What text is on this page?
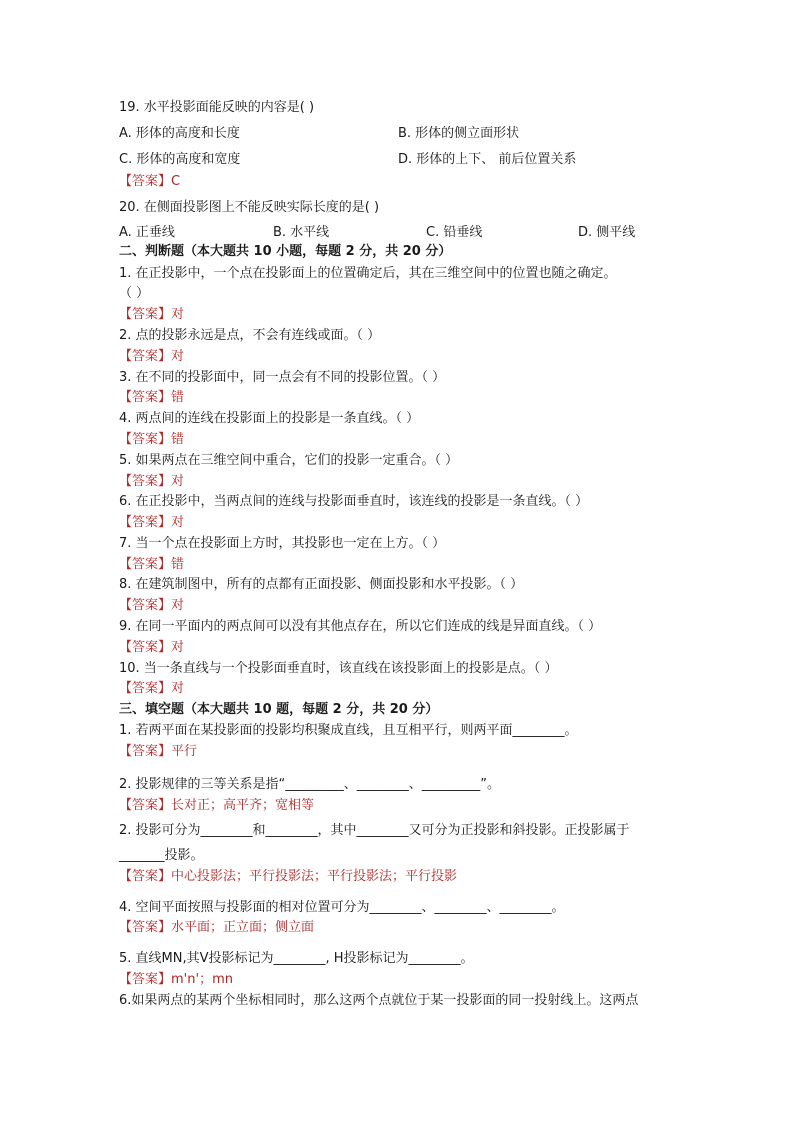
19. 水平投影面能反映的内容是( )
A. 形体的高度和长度	B. 形体的侧立面形状
C. 形体的高度和宽度	D. 形体的上下、 前后位置关系
【答案】C
20. 在侧面投影图上不能反映实际长度的是( )
A. 正垂线	B. 水平线	C. 铅垂线	D. 侧平线
二、判断题（本大题共 10 小题，每题 2 分，共 20 分）
1. 在正投影中，一个点在投影面上的位置确定后，其在三维空间中的位置也随之确定。
（ ）
【答案】对
2. 点的投影永远是点，不会有连线或面。（ ）
【答案】对
3. 在不同的投影面中，同一点会有不同的投影位置。（ ）
【答案】错
4. 两点间的连线在投影面上的投影是一条直线。（ ）
【答案】错
5. 如果两点在三维空间中重合，它们的投影一定重合。（ ）
【答案】对
6. 在正投影中，当两点间的连线与投影面垂直时，该连线的投影是一条直线。（ ）
【答案】对
7. 当一个点在投影面上方时，其投影也一定在上方。（ ）
【答案】错
8. 在建筑制图中，所有的点都有正面投影、侧面投影和水平投影。（ ）
【答案】对
9. 在同一平面内的两点间可以没有其他点存在，所以它们连成的线是异面直线。（ ）
【答案】对
10. 当一条直线与一个投影面垂直时，该直线在该投影面上的投影是点。（ ）
【答案】对
三、填空题（本大题共 10 题，每题 2 分，共 20 分）
1. 若两平面在某投影面的投影均积聚成直线，且互相平行，则两平面________。
【答案】平行
2. 投影规律的三等关系是指“_________、________、_________”。
【答案】长对正；高平齐；宽相等
2. 投影可分为________和________，其中________又可分为正投影和斜投影。正投影属于
_______投影。
【答案】中心投影法；平行投影法；平行投影法；平行投影
4. 空间平面按照与投影面的相对位置可分为________、________、________。
【答案】水平面；正立面；侧立面
5. 直线MN,其V投影标记为________, H投影标记为________。
【答案】m'n'；mn
6.如果两点的某两个坐标相同时，那么这两个点就位于某一投影面的同一投射线上。这两点
